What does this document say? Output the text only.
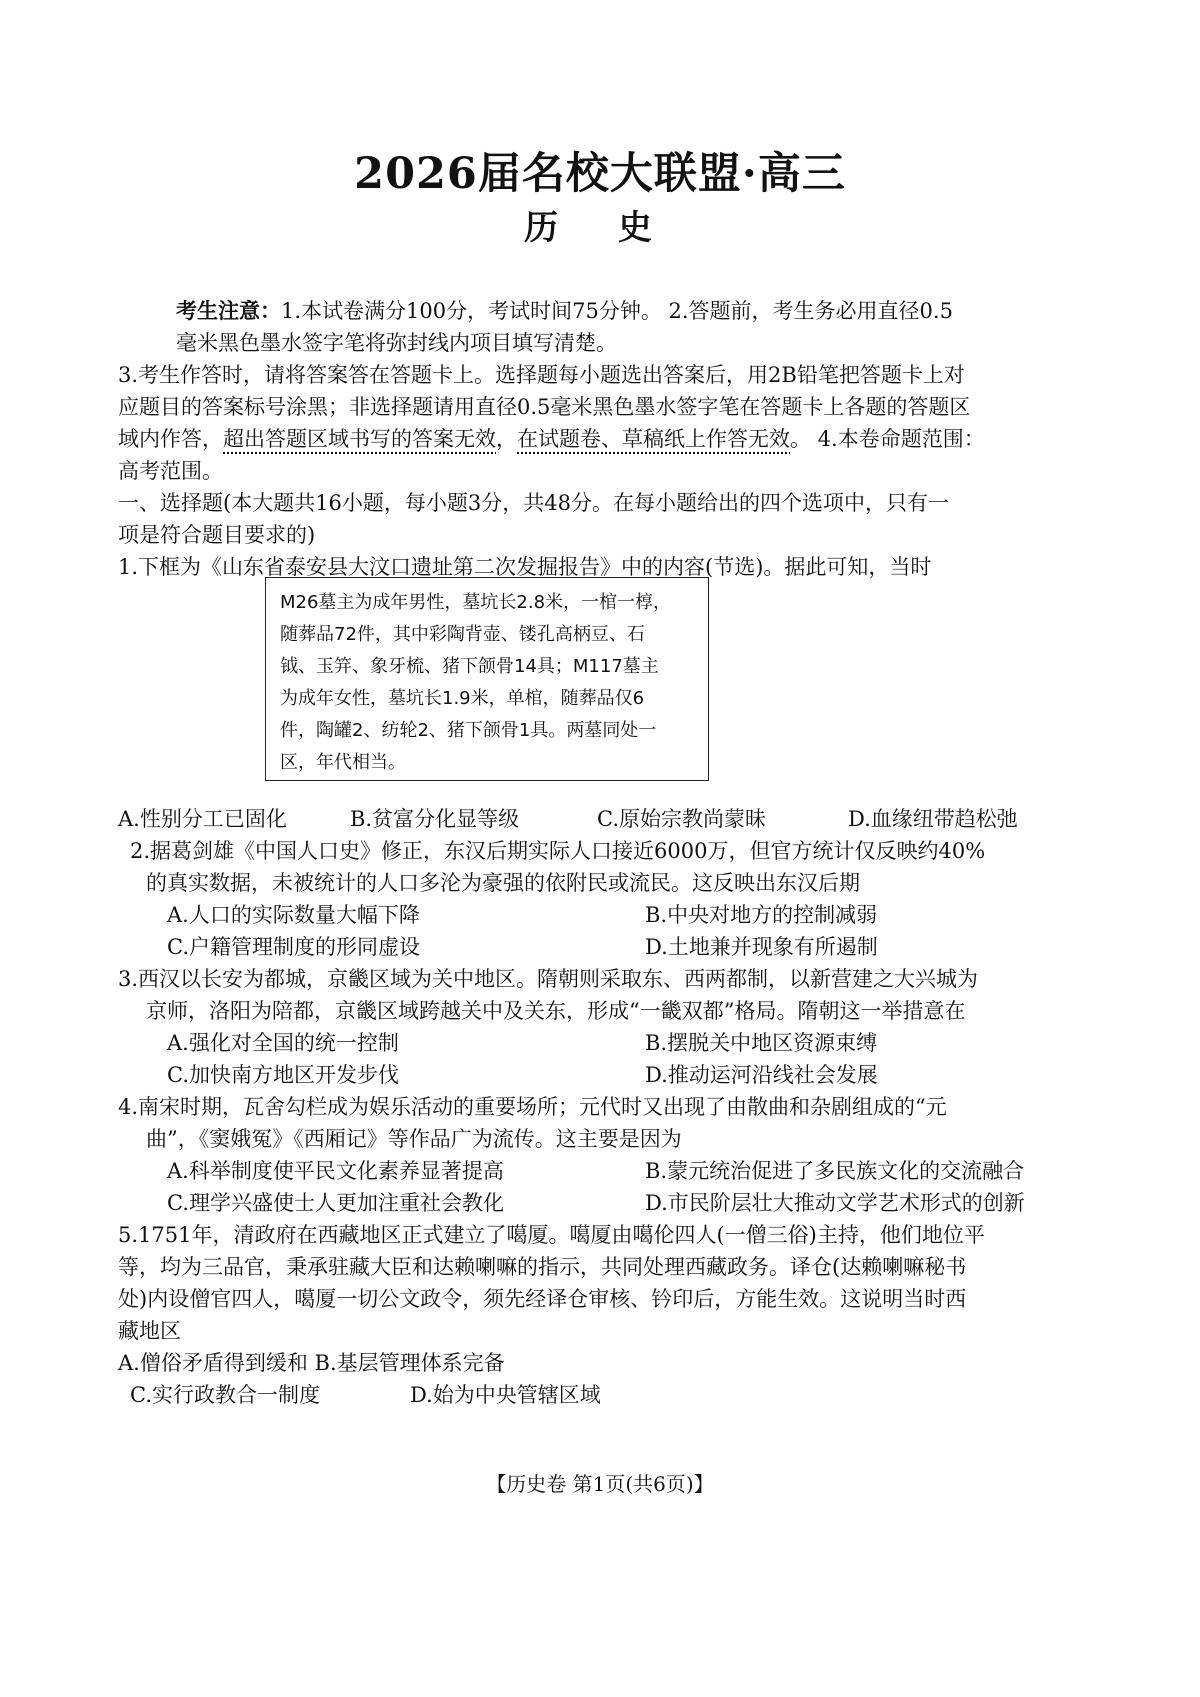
2026届名校大联盟·高三
历 史
考生注意：1.本试卷满分100分，考试时间75分钟。 2.答题前，考生务必用直径0.5
毫米黑色墨水签字笔将弥封线内项目填写清楚。
3.考生作答时，请将答案答在答题卡上。选择题每小题选出答案后，用2B铅笔把答题卡上对
应题目的答案标号涂黑；非选择题请用直径0.5毫米黑色墨水签字笔在答题卡上各题的答题区
域内作答，超出答题区域书写的答案无效，在试题卷、草稿纸上作答无效。 4.本卷命题范围：
高考范围。
一、选择题(本大题共16小题，每小题3分，共48分。在每小题给出的四个选项中，只有一
项是符合题目要求的)
1.下框为《山东省泰安县大汶口遗址第二次发掘报告》中的内容(节选)。据此可知，当时
M26墓主为成年男性，墓坑长2.8米，一棺一椁，
随葬品72件，其中彩陶背壶、镂孔高柄豆、石
钺、玉笄、象牙梳、猪下颌骨14具；M117墓主
为成年女性，墓坑长1.9米，单棺，随葬品仅6
件，陶罐2、纺轮2、猪下颌骨1具。两墓同处一
区，年代相当。
A.性别分工已固化	B.贫富分化显等级	C.原始宗教尚蒙昧	D.血缘纽带趋松弛
2.据葛剑雄《中国人口史》修正，东汉后期实际人口接近6000万，但官方统计仅反映约40%
的真实数据，未被统计的人口多沦为豪强的依附民或流民。这反映出东汉后期
A.人口的实际数量大幅下降	B.中央对地方的控制减弱
C.户籍管理制度的形同虚设	D.土地兼并现象有所遏制
3.西汉以长安为都城，京畿区域为关中地区。隋朝则采取东、西两都制，以新营建之大兴城为
京师，洛阳为陪都，京畿区域跨越关中及关东，形成“一畿双都”格局。隋朝这一举措意在
A.强化对全国的统一控制	B.摆脱关中地区资源束缚
C.加快南方地区开发步伐	D.推动运河沿线社会发展
4.南宋时期，瓦舍勾栏成为娱乐活动的重要场所；元代时又出现了由散曲和杂剧组成的“元
曲”，《窦娥冤》《西厢记》等作品广为流传。这主要是因为
A.科举制度使平民文化素养显著提高	B.蒙元统治促进了多民族文化的交流融合
C.理学兴盛使士人更加注重社会教化	D.市民阶层壮大推动文学艺术形式的创新
5.1751年，清政府在西藏地区正式建立了噶厦。噶厦由噶伦四人(一僧三俗)主持，他们地位平
等，均为三品官，秉承驻藏大臣和达赖喇嘛的指示，共同处理西藏政务。译仓(达赖喇嘛秘书
处)内设僧官四人，噶厦一切公文政令，须先经译仓审核、钤印后，方能生效。这说明当时西
藏地区
A.僧俗矛盾得到缓和 B.基层管理体系完备
C.实行政教合一制度	D.始为中央管辖区域
【历史卷 第1页(共6页)】
